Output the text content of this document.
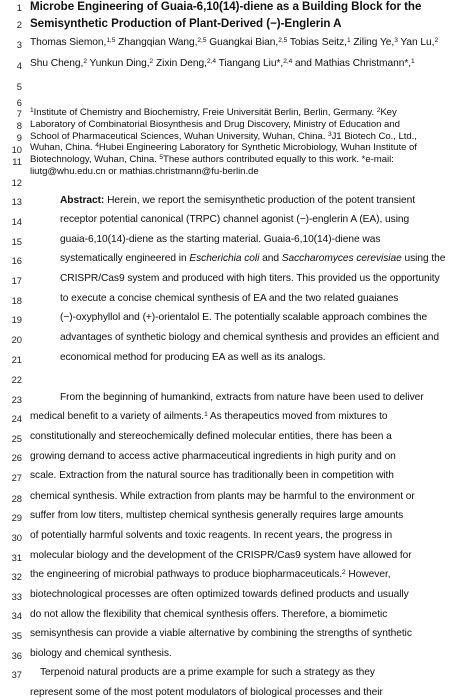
1
2
3
4
5
6
7
8
9
10
11
12
13
14
15
16
17
18
19
20
21
22
23
24
25
26
27
28
29
30
31
32
33
34
35
36
37
Microbe Engineering of Guaia-6,10(14)-diene as a Building Block for the
Semisynthetic Production of Plant-Derived (−)-Englerin A
Thomas Siemon,$^{1,5}$ Zhangqian Wang,$^{2,5}$ Guangkai Bian,$^{2,5}$ Tobias Seitz,$^1$ Ziling Ye,$^3$ Yan Lu,$^2$
Shu Cheng,$^2$ Yunkun Ding,$^2$ Zixin Deng,$^{2,4}$ Tiangang Liu*,$^{2,4}$ and Mathias Christmann*,$^1$
$^1$Institute of Chemistry and Biochemistry, Freie Universität Berlin, Berlin, Germany. $^2$Key
Laboratory of Combinatorial Biosynthesis and Drug Discovery, Ministry of Education and
School of Pharmaceutical Sciences, Wuhan University, Wuhan, China. $^3$J1 Biotech Co., Ltd.,
Wuhan, China. $^4$Hubei Engineering Laboratory for Synthetic Microbiology, Wuhan Institute of
Biotechnology, Wuhan, China. $^5$These authors contributed equally to this work. *e-mail:
liutg@whu.edu.cn or mathias.christmann@fu-berlin.de
Abstract: Herein, we report the semisynthetic production of the potent transient
receptor potential canonical (TRPC) channel agonist (−)-englerin A (EA), using
guaia-6,10(14)-diene as the starting material. Guaia-6,10(14)-diene was
systematically engineered in Escherichia coli and Saccharomyces cerevisiae using the
CRISPR/Cas9 system and produced with high titers. This provided us the opportunity
to execute a concise chemical synthesis of EA and the two related guaianes
(−)-oxyphyllol and (+)-orientalol E. The potentially scalable approach combines the
advantages of synthetic biology and chemical synthesis and provides an efficient and
economical method for producing EA as well as its analogs.
From the beginning of humankind, extracts from nature have been used to deliver
medical benefit to a variety of ailments.$^1$ As therapeutics moved from mixtures to
constitutionally and stereochemically defined molecular entities, there has been a
growing demand to access active pharmaceutical ingredients in high purity and on
scale. Extraction from the natural source has traditionally been in competition with
chemical synthesis. While extraction from plants may be harmful to the environment or
suffer from low titers, multistep chemical synthesis generally requires large amounts
of potentially harmful solvents and toxic reagents. In recent years, the progress in
molecular biology and the development of the CRISPR/Cas9 system have allowed for
the engineering of microbial pathways to produce biopharmaceuticals.$^2$ However,
biotechnological processes are often optimized towards defined products and usually
do not allow the flexibility that chemical synthesis offers. Therefore, a biomimetic
semisynthesis can provide a viable alternative by combining the strengths of synthetic
biology and chemical synthesis.
Terpenoid natural products are a prime example for such a strategy as they
represent some of the most potent modulators of biological processes and their
